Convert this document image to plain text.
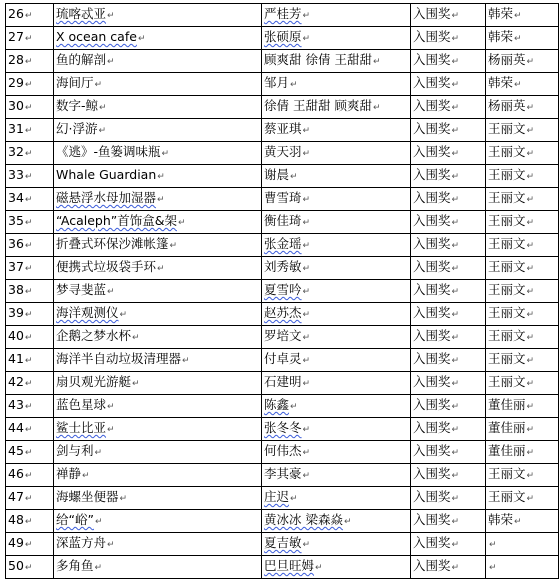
26↵	琉喀忒亚↵	严桂芳↵	入围奖↵	韩荣↵
27↵	X ocean cafe↵	张硕原↵	入围奖↵	韩荣↵
28↵	鱼的解剖↵	顾爽甜 徐倩 王甜甜↵	入围奖↵	杨丽英↵
29↵	海间厅↵	邹月↵	入围奖↵	韩荣↵
30↵	数字-鲸↵	徐倩 王甜甜 顾爽甜↵	入围奖↵	杨丽英↵
31↵	幻·浮游↵	蔡亚琪↵	入围奖↵	王丽文↵
32↵	《逃》-鱼篓调味瓶↵	黄天羽↵	入围奖↵	王丽文↵
33↵	Whale Guardian↵	谢晨↵	入围奖↵	王丽文↵
34↵	磁悬浮水母加湿器↵	曹雪琦↵	入围奖↵	王丽文↵
35↵	“Acaleph”首饰盒&架↵	衡佳琦↵	入围奖↵	王丽文↵
36↵	折叠式环保沙滩帐篷↵	张金瑶↵	入围奖↵	王丽文↵
37↵	便携式垃圾袋手环↵	刘秀敏↵	入围奖↵	王丽文↵
38↵	梦寻斐蓝↵	夏雪吟↵	入围奖↵	王丽文↵
39↵	海洋观测仪↵	赵苏杰↵	入围奖↵	王丽文↵
40↵	企鹅之梦水杯↵	罗培文↵	入围奖↵	王丽文↵
41↵	海洋半自动垃圾清理器↵	付卓灵↵	入围奖↵	王丽文↵
42↵	扇贝观光游艇↵	石建明↵	入围奖↵	王丽文↵
43↵	蓝色星球↵	陈鑫↵	入围奖↵	董佳丽↵
44↵	鲨士比亚↵	张冬冬↵	入围奖↵	董佳丽↵
45↵	剑与利↵	何伟杰↵	入围奖↵	董佳丽↵
46↵	禅静↵	李其豪↵	入围奖↵	王丽文↵
47↵	海螺坐便器↵	庄迟↵	入围奖↵	王丽文↵
48↵	给“峪”↵	黄冰冰 梁森焱↵	入围奖↵	韩荣↵
49↵	深蓝方舟↵	夏吉敏↵	入围奖↵	↵
50↵	多角鱼↵	巴旦旺姆↵	入围奖↵	↵
